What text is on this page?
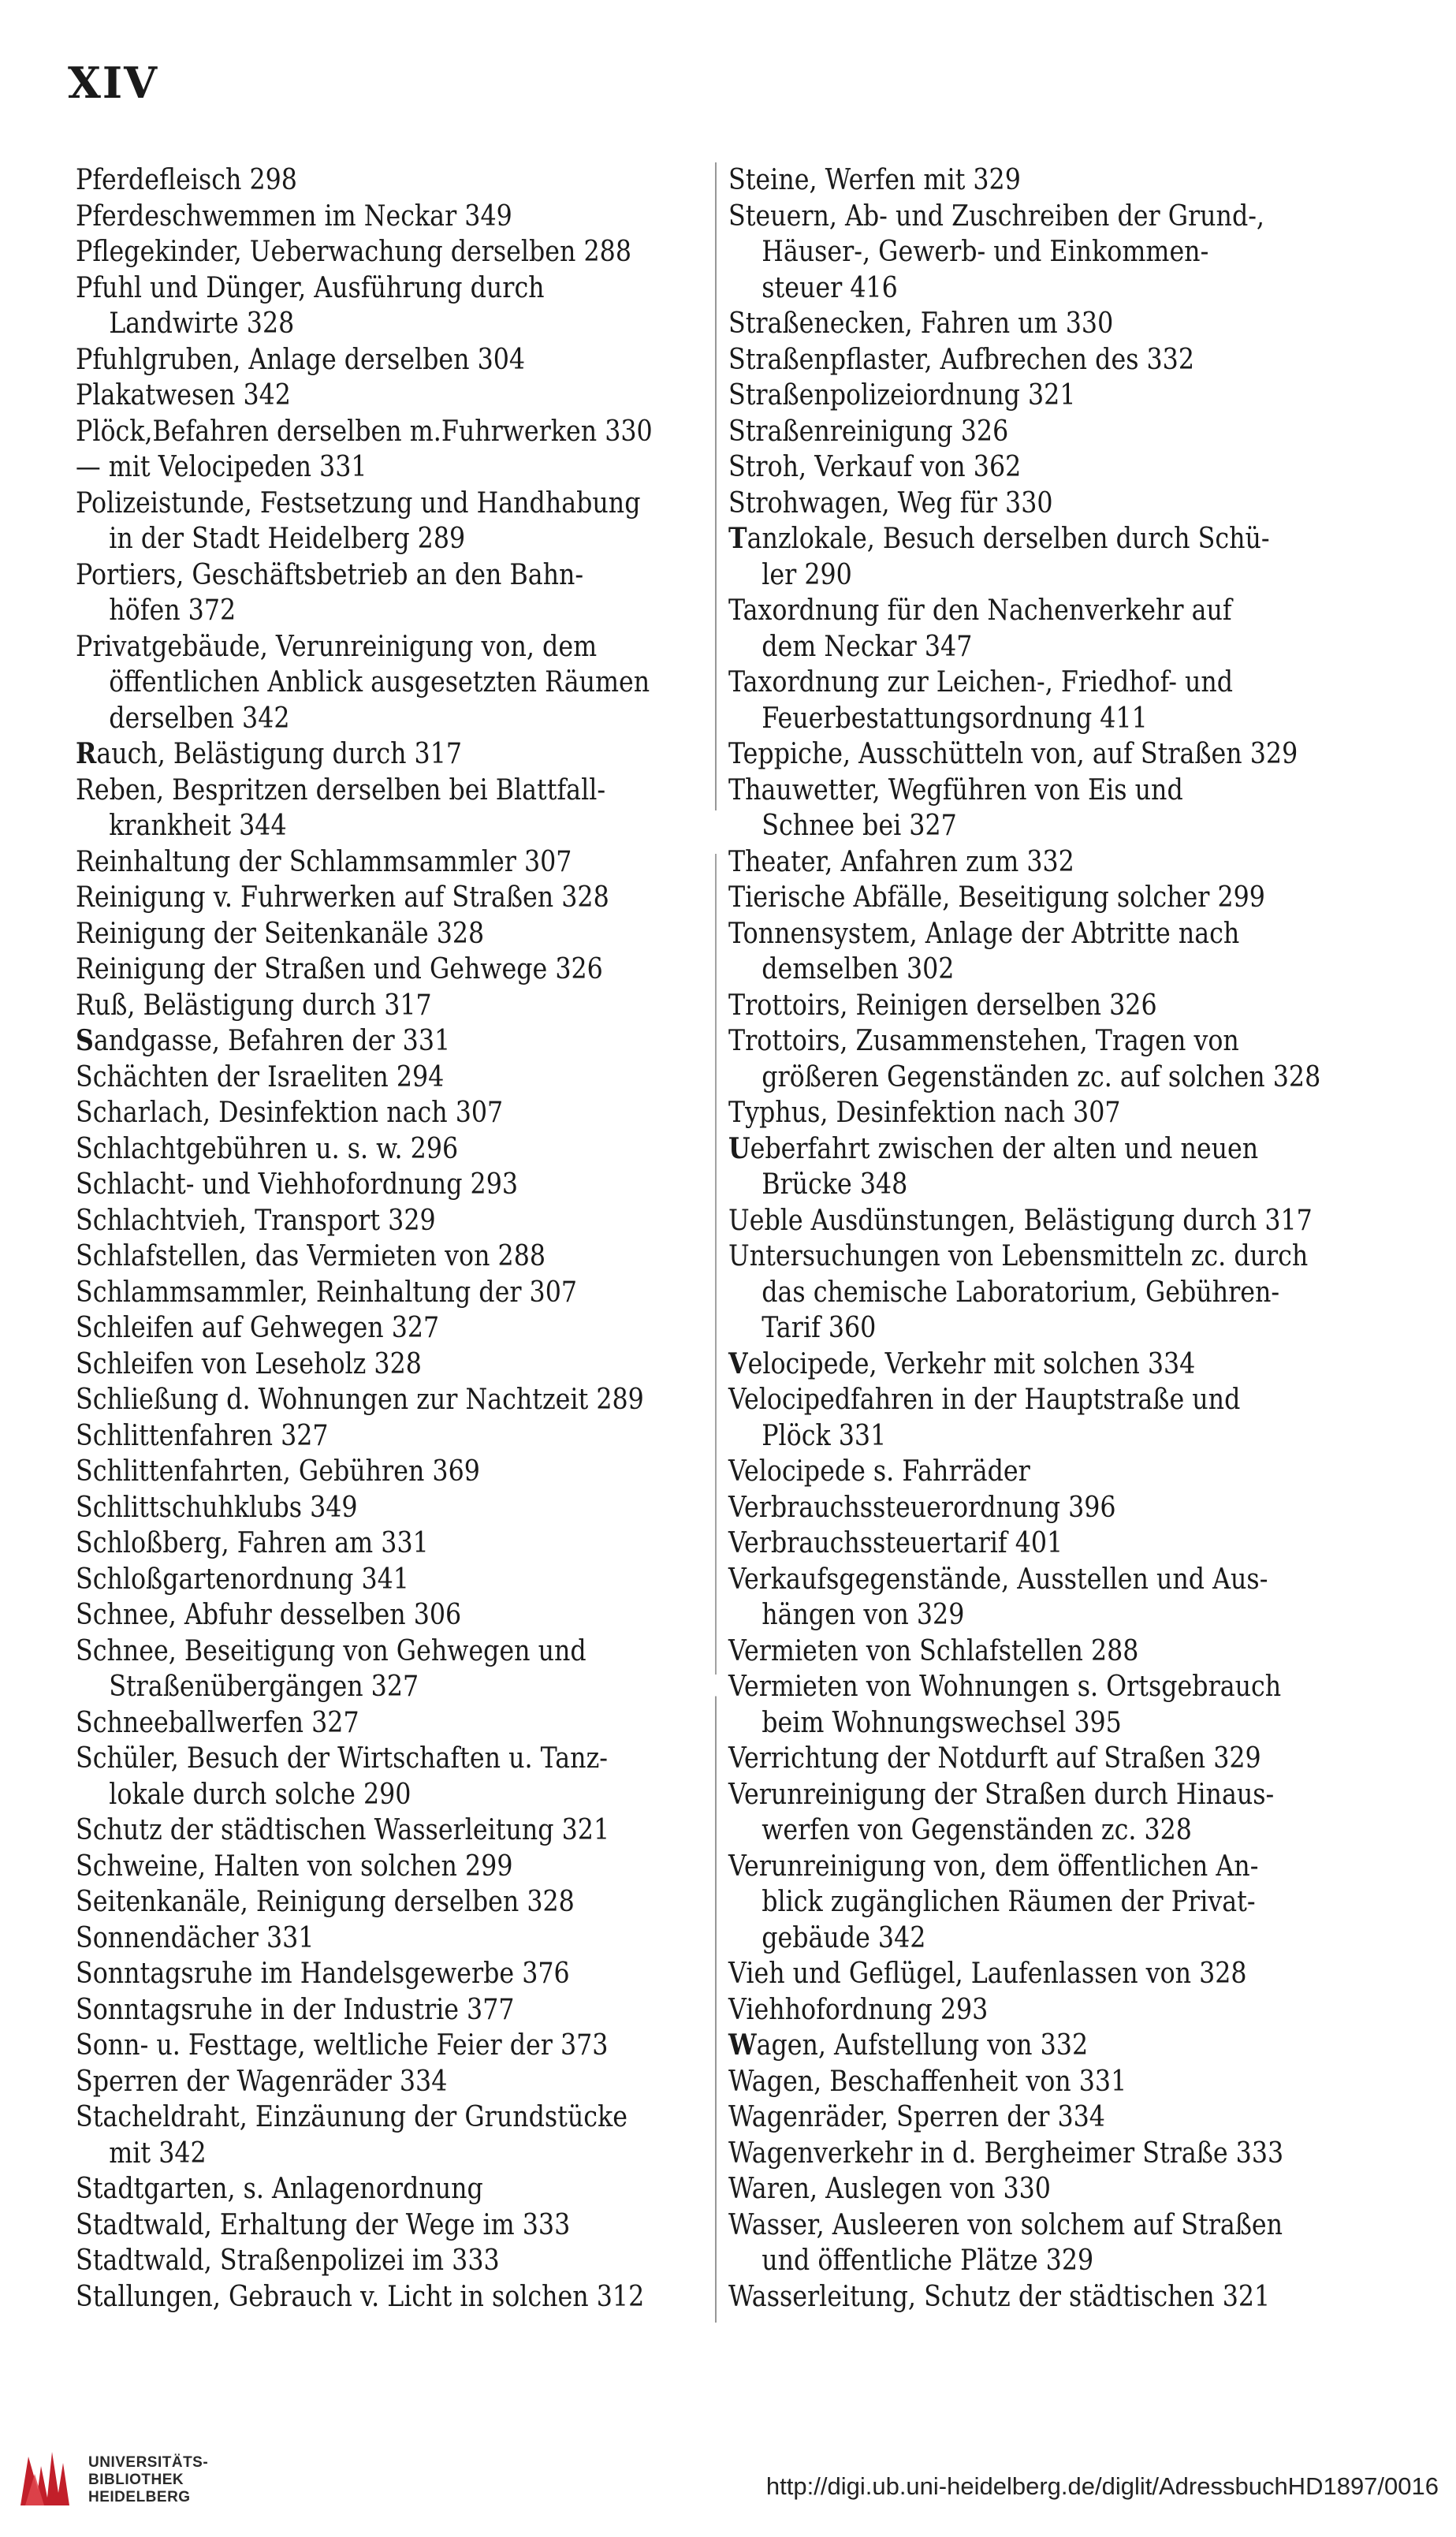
XIV
Pferdefleisch 298
Pferdeschwemmen im Neckar 349
Pflegekinder, Ueberwachung derselben 288
Pfuhl und Dünger, Ausführung durch
Landwirte 328
Pfuhlgruben, Anlage derselben 304
Plakatwesen 342
Plöck,Befahren derselben m.Fuhrwerken 330
— mit Velocipeden 331
Polizeistunde, Festsetzung und Handhabung
in der Stadt Heidelberg 289
Portiers, Geschäftsbetrieb an den Bahn-
höfen 372
Privatgebäude, Verunreinigung von, dem
öffentlichen Anblick ausgesetzten Räumen
derselben 342
Rauch, Belästigung durch 317
Reben, Bespritzen derselben bei Blattfall-
krankheit 344
Reinhaltung der Schlammsammler 307
Reinigung v. Fuhrwerken auf Straßen 328
Reinigung der Seitenkanäle 328
Reinigung der Straßen und Gehwege 326
Ruß, Belästigung durch 317
Sandgasse, Befahren der 331
Schächten der Israeliten 294
Scharlach, Desinfektion nach 307
Schlachtgebühren u. s. w. 296
Schlacht- und Viehhofordnung 293
Schlachtvieh, Transport 329
Schlafstellen, das Vermieten von 288
Schlammsammler, Reinhaltung der 307
Schleifen auf Gehwegen 327
Schleifen von Leseholz 328
Schließung d. Wohnungen zur Nachtzeit 289
Schlittenfahren 327
Schlittenfahrten, Gebühren 369
Schlittschuhklubs 349
Schloßberg, Fahren am 331
Schloßgartenordnung 341
Schnee, Abfuhr desselben 306
Schnee, Beseitigung von Gehwegen und
Straßenübergängen 327
Schneeballwerfen 327
Schüler, Besuch der Wirtschaften u. Tanz-
lokale durch solche 290
Schutz der städtischen Wasserleitung 321
Schweine, Halten von solchen 299
Seitenkanäle, Reinigung derselben 328
Sonnendächer 331
Sonntagsruhe im Handelsgewerbe 376
Sonntagsruhe in der Industrie 377
Sonn- u. Festtage, weltliche Feier der 373
Sperren der Wagenräder 334
Stacheldraht, Einzäunung der Grundstücke
mit 342
Stadtgarten, s. Anlagenordnung
Stadtwald, Erhaltung der Wege im 333
Stadtwald, Straßenpolizei im 333
Stallungen, Gebrauch v. Licht in solchen 312
Steine, Werfen mit 329
Steuern, Ab- und Zuschreiben der Grund-,
Häuser-, Gewerb- und Einkommen-
steuer 416
Straßenecken, Fahren um 330
Straßenpflaster, Aufbrechen des 332
Straßenpolizeiordnung 321
Straßenreinigung 326
Stroh, Verkauf von 362
Strohwagen, Weg für 330
Tanzlokale, Besuch derselben durch Schü-
ler 290
Taxordnung für den Nachenverkehr auf
dem Neckar 347
Taxordnung zur Leichen-, Friedhof- und
Feuerbestattungsordnung 411
Teppiche, Ausschütteln von, auf Straßen 329
Thauwetter, Wegführen von Eis und
Schnee bei 327
Theater, Anfahren zum 332
Tierische Abfälle, Beseitigung solcher 299
Tonnensystem, Anlage der Abtritte nach
demselben 302
Trottoirs, Reinigen derselben 326
Trottoirs, Zusammenstehen, Tragen von
größeren Gegenständen zc. auf solchen 328
Typhus, Desinfektion nach 307
Ueberfahrt zwischen der alten und neuen
Brücke 348
Ueble Ausdünstungen, Belästigung durch 317
Untersuchungen von Lebensmitteln zc. durch
das chemische Laboratorium, Gebühren-
Tarif 360
Velocipede, Verkehr mit solchen 334
Velocipedfahren in der Hauptstraße und
Plöck 331
Velocipede s. Fahrräder
Verbrauchssteuerordnung 396
Verbrauchssteuertarif 401
Verkaufsgegenstände, Ausstellen und Aus-
hängen von 329
Vermieten von Schlafstellen 288
Vermieten von Wohnungen s. Ortsgebrauch
beim Wohnungswechsel 395
Verrichtung der Notdurft auf Straßen 329
Verunreinigung der Straßen durch Hinaus-
werfen von Gegenständen zc. 328
Verunreinigung von, dem öffentlichen An-
blick zugänglichen Räumen der Privat-
gebäude 342
Vieh und Geflügel, Laufenlassen von 328
Viehhofordnung 293
Wagen, Aufstellung von 332
Wagen, Beschaffenheit von 331
Wagenräder, Sperren der 334
Wagenverkehr in d. Bergheimer Straße 333
Waren, Auslegen von 330
Wasser, Ausleeren von solchem auf Straßen
und öffentliche Plätze 329
Wasserleitung, Schutz der städtischen 321
UNIVERSITÄTS-
BIBLIOTHEK
HEIDELBERG	http://digi.ub.uni-heidelberg.de/diglit/AdressbuchHD1897/0016
